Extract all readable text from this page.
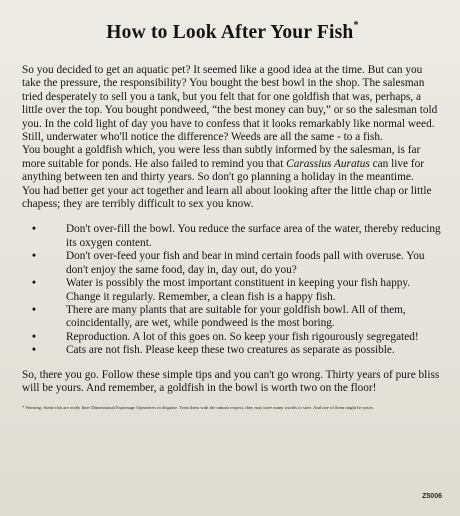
How to Look After Your Fish*

So you decided to get an aquatic pet? It seemed like a good idea at the time. But can you take the pressure, the responsibility? You bought the best bowl in the shop. The salesman tried desperately to sell you a tank, but you felt that for one goldfish that was, perhaps, a little over the top. You bought pondweed, “the best money can buy,” or so the salesman told you. In the cold light of day you have to confess that it looks remarkably like normal weed. Still, underwater who'll notice the difference? Weeds are all the same - to a fish.

You bought a goldfish which, you were less than subtly informed by the salesman, is far more suitable for ponds. He also failed to remind you that Carassius Auratus can live for anything between ten and thirty years. So don't go planning a holiday in the meantime.

You had better get your act together and learn all about looking after the little chap or little chapess; they are terribly difficult to sex you know.

•	Don't over-fill the bowl. You reduce the surface area of the water, thereby reducing its oxygen content.
•	Don't over-feed your fish and bear in mind certain foods pall with overuse. You don't enjoy the same food, day in, day out, do you?
•	Water is possibly the most important constituent in keeping your fish happy. Change it regularly. Remember, a clean fish is a happy fish.
•	There are many plants that are suitable for your goldfish bowl. All of them, coincidentally, are wet, while pondweed is the most boring.
•	Reproduction. A lot of this goes on. So keep your fish rigourously segregated!
•	Cats are not fish. Please keep these two creatures as separate as possible.

So, there you go. Follow these simple tips and you can't go wrong. Thirty years of pure bliss will be yours. And remember, a goldfish in the bowl is worth two on the floor!

* Warning: Some fish are really Inter Dimensional Espionage Operatives in disguise. Treat them with the utmost respect, they may have many worlds to save. And one of them might be yours.
Z5006
